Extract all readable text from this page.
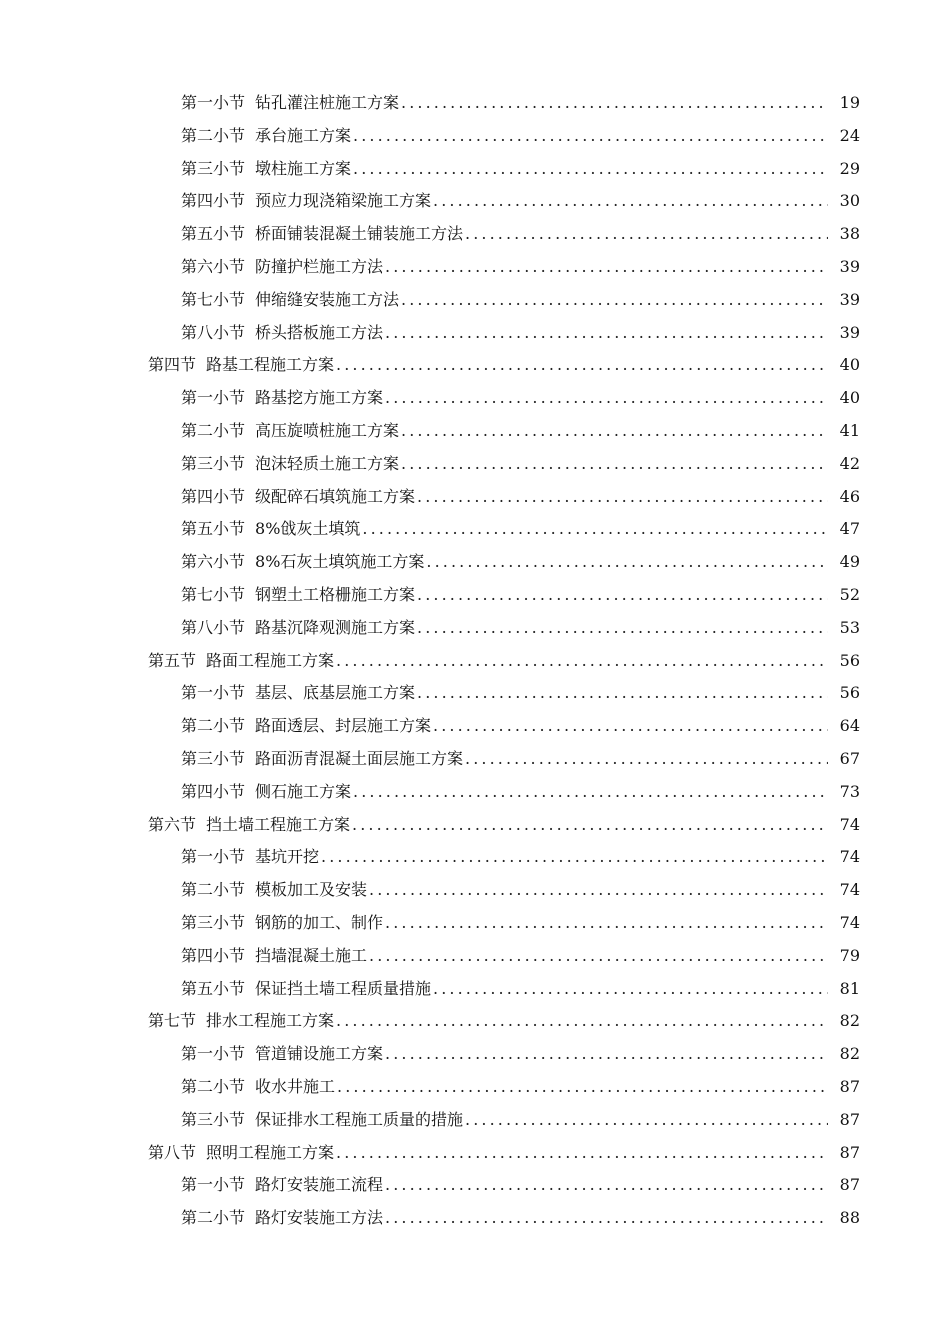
第一小节 钻孔灌注桩施工方案 .....	19
第二小节 承台施工方案 .....	24
第三小节 墩柱施工方案 .....	29
第四小节 预应力现浇箱梁施工方案 .....	30
第五小节 桥面铺装混凝土铺装施工方法 .....	38
第六小节 防撞护栏施工方法 .....	39
第七小节 伸缩缝安装施工方法 .....	39
第八小节 桥头搭板施工方法 .....	39
第四节 路基工程施工方案 .....	40
第一小节 路基挖方施工方案 .....	40
第二小节 高压旋喷桩施工方案 .....	41
第三小节 泡沫轻质土施工方案 .....	42
第四小节 级配碎石填筑施工方案 .....	46
第五小节 8%戗灰土填筑 .....	47
第六小节 8%石灰土填筑施工方案 .....	49
第七小节 钢塑土工格栅施工方案 .....	52
第八小节 路基沉降观测施工方案 .....	53
第五节 路面工程施工方案 .....	56
第一小节 基层、底基层施工方案 .....	56
第二小节 路面透层、封层施工方案 .....	64
第三小节 路面沥青混凝土面层施工方案 .....	67
第四小节 侧石施工方案 .....	73
第六节 挡土墙工程施工方案 .....	74
第一小节 基坑开挖 .....	74
第二小节 模板加工及安装 .....	74
第三小节 钢筋的加工、制作 .....	74
第四小节 挡墙混凝土施工 .....	79
第五小节 保证挡土墙工程质量措施 .....	81
第七节 排水工程施工方案 .....	82
第一小节 管道铺设施工方案 .....	82
第二小节 收水井施工 .....	87
第三小节 保证排水工程施工质量的措施 .....	87
第八节 照明工程施工方案 .....	87
第一小节 路灯安装施工流程 .....	87
第二小节 路灯安装施工方法 .....	88
